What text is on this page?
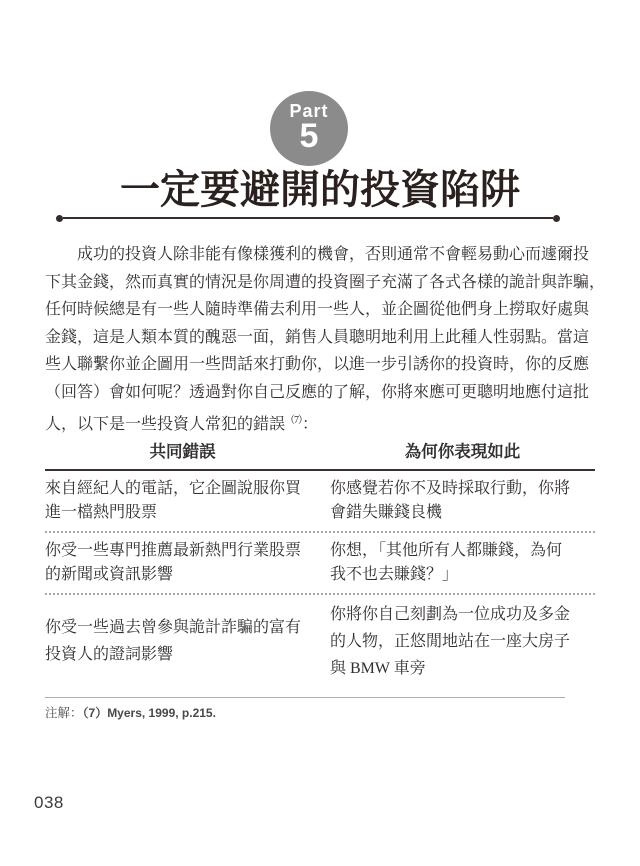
Part
5
一定要避開的投資陷阱
成功的投資人除非能有像樣獲利的機會，否則通常不會輕易動心而遽爾投
下其金錢，然而真實的情況是你周遭的投資圈子充滿了各式各樣的詭計與詐騙，
任何時候總是有一些人隨時準備去利用一些人，並企圖從他們身上撈取好處與
金錢，這是人類本質的醜惡一面，銷售人員聰明地利用上此種人性弱點。當這
些人聯繫你並企圖用一些問話來打動你，以進一步引誘你的投資時，你的反應
（回答）會如何呢？透過對你自己反應的了解，你將來應可更聰明地應付這批
人，以下是一些投資人常犯的錯誤$^{(7)}$：
共同錯誤	為何你表現如此
來自經紀人的電話，它企圖說服你買
進一檔熱門股票
你感覺若你不及時採取行動，你將
會錯失賺錢良機
你受一些專門推薦最新熱門行業股票
的新聞或資訊影響
你想，「其他所有人都賺錢，為何
我不也去賺錢？」
你受一些過去曾參與詭計詐騙的富有
投資人的證詞影響
你將你自己刻劃為一位成功及多金
的人物，正悠閒地站在一座大房子
與 BMW 車旁
注解：（7）Myers, 1999, p.215.
038
